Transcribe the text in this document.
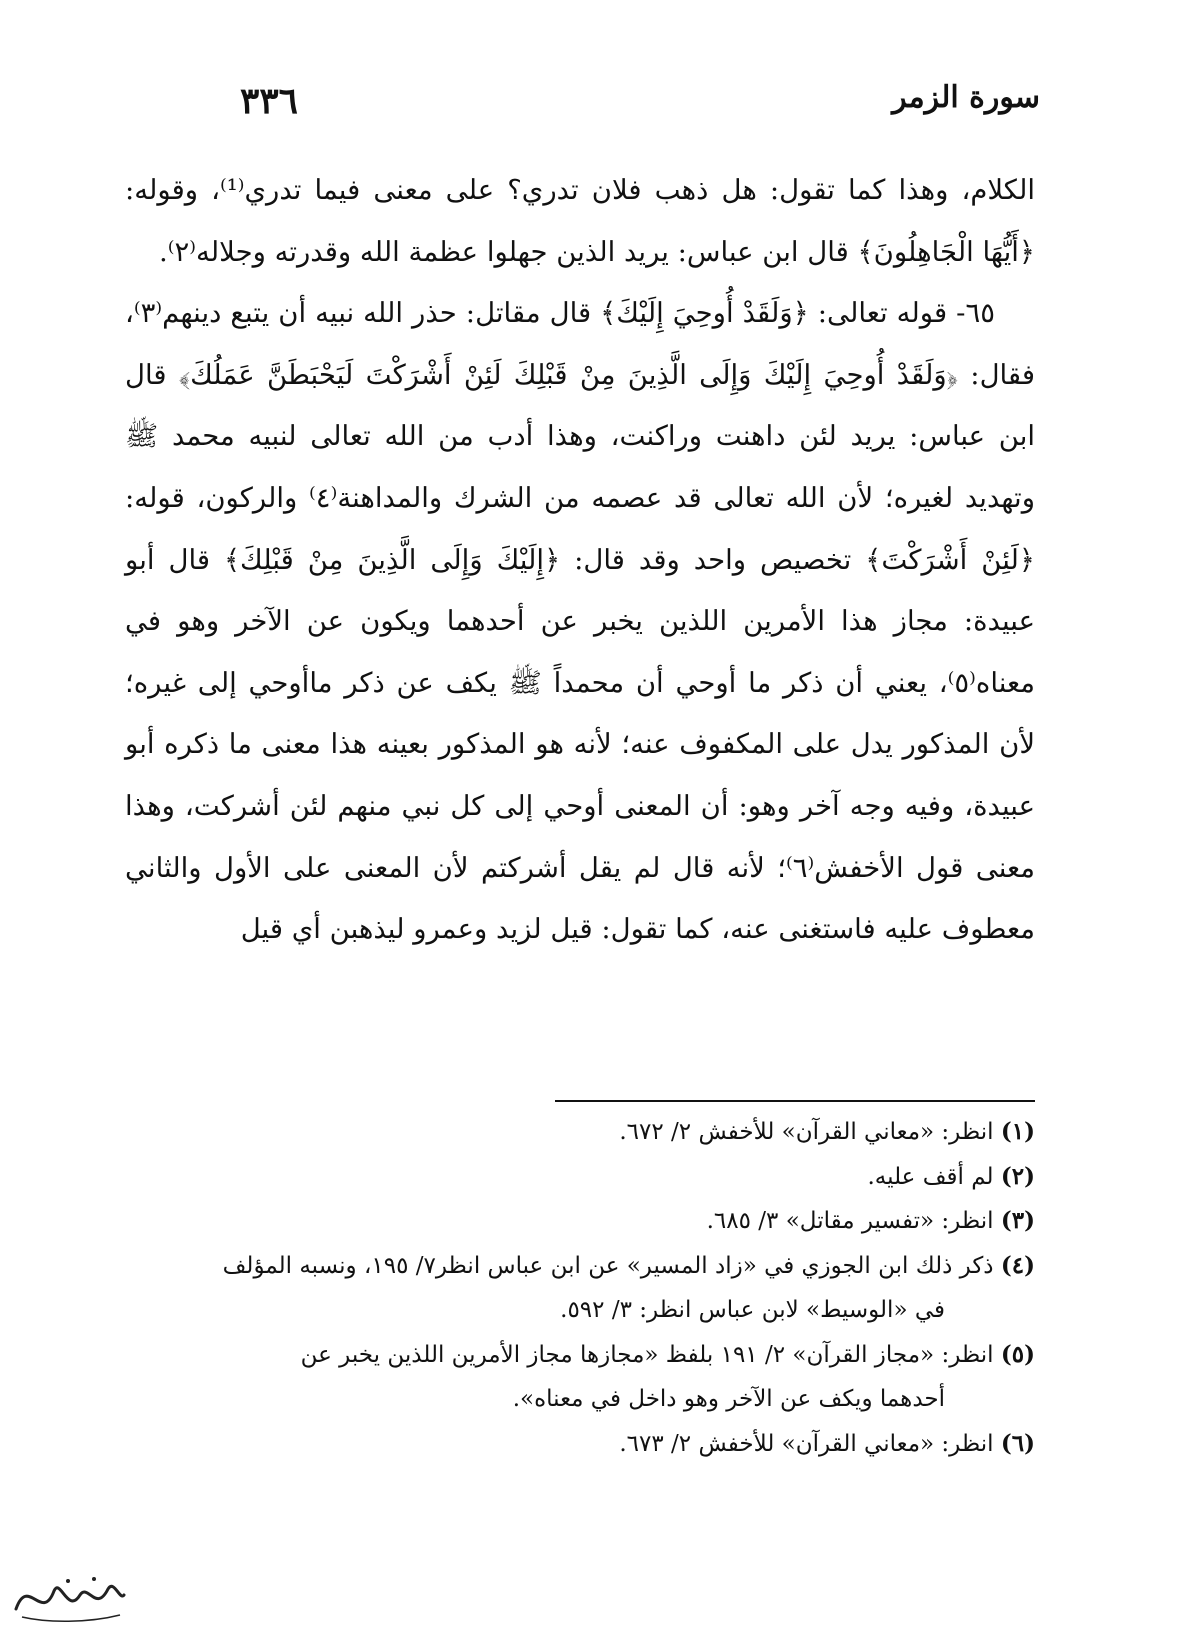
٣٣٦	سورة الزمر

الكلام، وهذا كما تقول: هل ذهب فلان تدري؟ على معنى فيما تدري⁽¹⁾، وقوله: ﴿أَيُّهَا الْجَاهِلُونَ﴾ قال ابن عباس: يريد الذين جهلوا عظمة الله وقدرته وجلاله⁽٢⁾.

٦٥- قوله تعالى: ﴿وَلَقَدْ أُوحِيَ إِلَيْكَ﴾ قال مقاتل: حذر الله نبيه أن يتبع دينهم⁽٣⁾، فقال: ﴿وَلَقَدْ أُوحِيَ إِلَيْكَ وَإِلَى الَّذِينَ مِنْ قَبْلِكَ لَئِنْ أَشْرَكْتَ لَيَحْبَطَنَّ عَمَلُكَ﴾ قال ابن عباس: يريد لئن داهنت وراكنت، وهذا أدب من الله تعالى لنبيه محمد ﷺ وتهديد لغيره؛ لأن الله تعالى قد عصمه من الشرك والمداهنة⁽٤⁾ والركون، قوله: ﴿لَئِنْ أَشْرَكْتَ﴾ تخصيص واحد وقد قال: ﴿إِلَيْكَ وَإِلَى الَّذِينَ مِنْ قَبْلِكَ﴾ قال أبو عبيدة: مجاز هذا الأمرين اللذين يخبر عن أحدهما ويكون عن الآخر وهو في معناه⁽٥⁾، يعني أن ذكر ما أوحي أن محمداً ﷺ يكف عن ذكر ماأوحي إلى غيره؛ لأن المذكور يدل على المكفوف عنه؛ لأنه هو المذكور بعينه هذا معنى ما ذكره أبو عبيدة، وفيه وجه آخر وهو: أن المعنى أوحي إلى كل نبي منهم لئن أشركت، وهذا معنى قول الأخفش⁽٦⁾؛ لأنه قال لم يقل أشركتم لأن المعنى على الأول والثاني معطوف عليه فاستغنى عنه، كما تقول: قيل لزيد وعمرو ليذهبن أي قيل

(١) انظر: «معاني القرآن» للأخفش ٢/ ٦٧٢.

(٢) لم أقف عليه.

(٣) انظر: «تفسير مقاتل» ٣/ ٦٨٥.

(٤) ذكر ذلك ابن الجوزي في «زاد المسير» عن ابن عباس انظر٧/ ١٩٥، ونسبه المؤلف

في «الوسيط» لابن عباس انظر: ٣/ ٥٩٢.

(٥) انظر: «مجاز القرآن» ٢/ ١٩١ بلفظ «مجازها مجاز الأمرين اللذين يخبر عن

أحدهما ويكف عن الآخر وهو داخل في معناه».

(٦) انظر: «معاني القرآن» للأخفش ٢/ ٦٧٣.
